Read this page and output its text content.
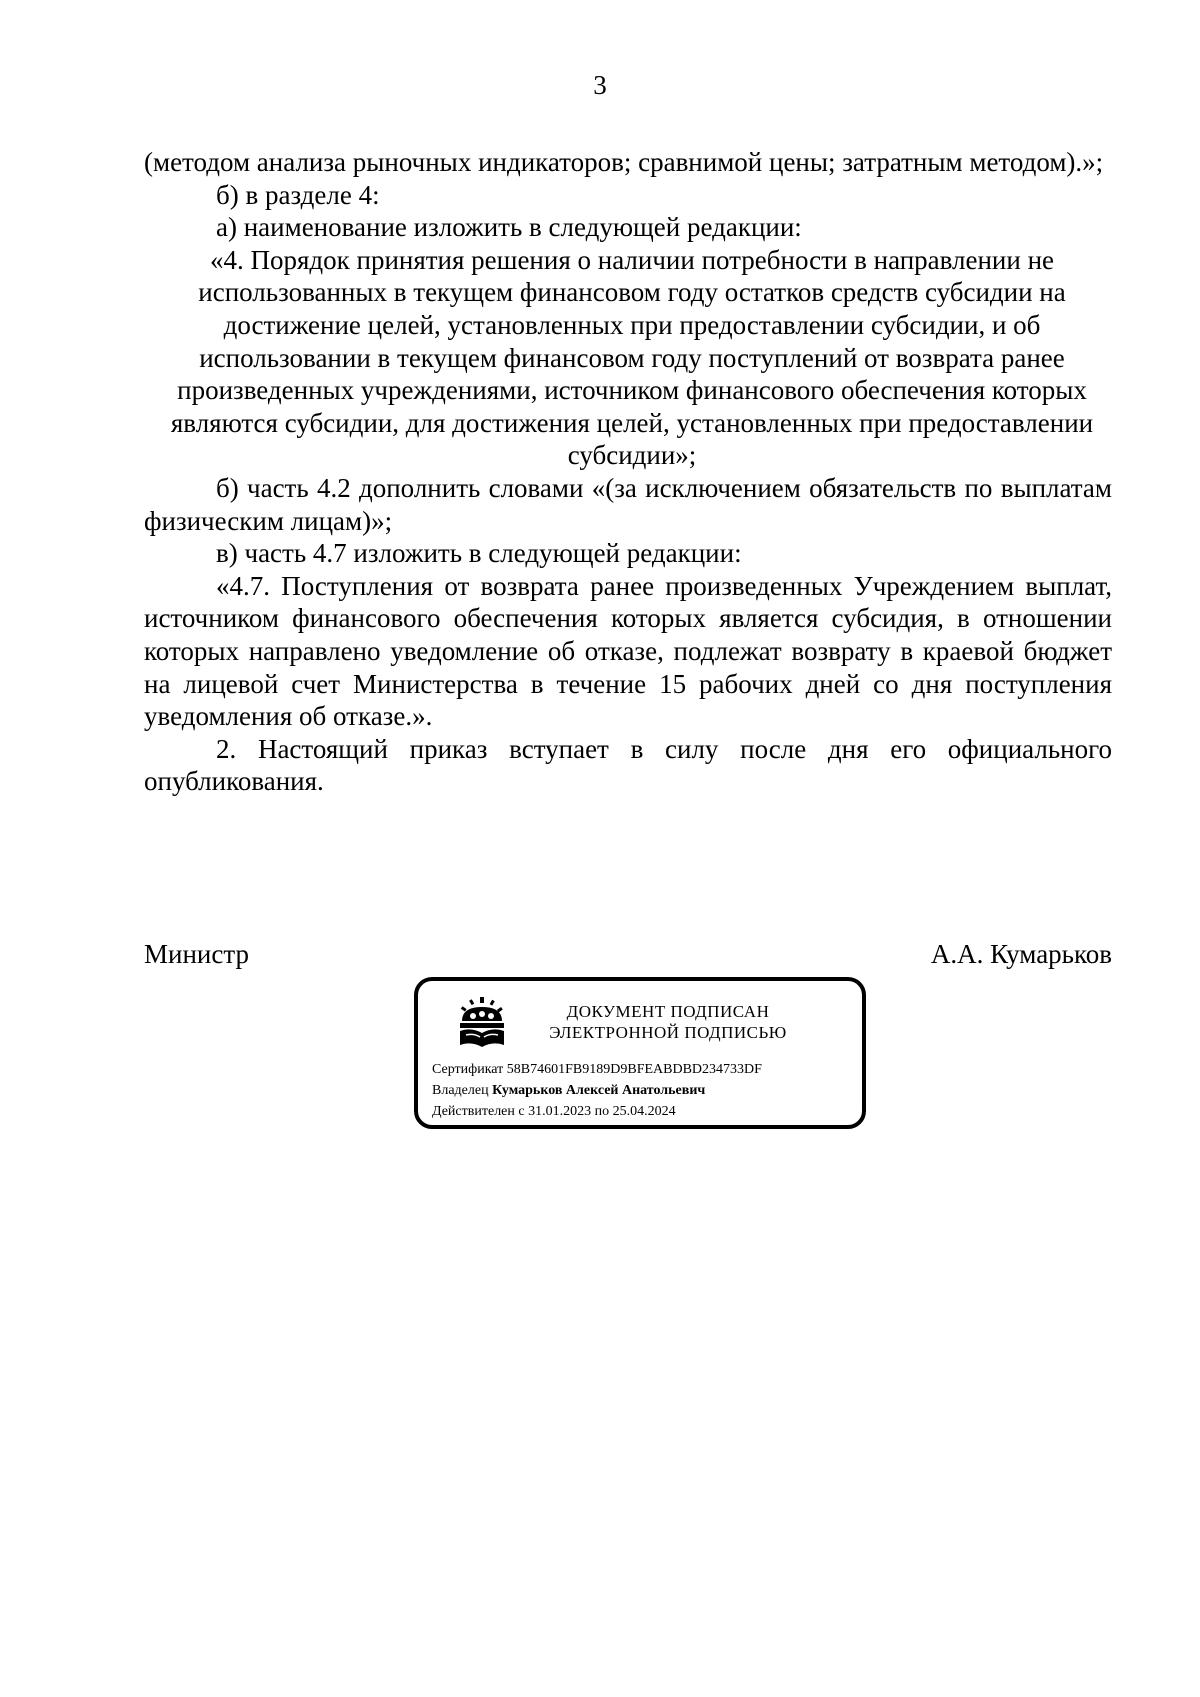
3

(методом анализа рыночных индикаторов; сравнимой цены; затратным методом).»;

б) в разделе 4:

а) наименование изложить в следующей редакции:

«4. Порядок принятия решения о наличии потребности в направлении не использованных в текущем финансовом году остатков средств субсидии на достижение целей, установленных при предоставлении субсидии, и об использовании в текущем финансовом году поступлений от возврата ранее произведенных учреждениями, источником финансового обеспечения которых являются субсидии, для достижения целей, установленных при предоставлении субсидии»;

б) часть 4.2 дополнить словами «(за исключением обязательств по выплатам физическим лицам)»;

в) часть 4.7 изложить в следующей редакции:

«4.7. Поступления от возврата ранее произведенных Учреждением выплат, источником финансового обеспечения которых является субсидия, в отношении которых направлено уведомление об отказе, подлежат возврату в краевой бюджет на лицевой счет Министерства в течение 15 рабочих дней со дня поступления уведомления об отказе.».

2. Настоящий приказ вступает в силу после дня его официального опубликования.

Министр	А.А. Кумарьков
ДОКУМЕНТ ПОДПИСАН
ЭЛЕКТРОННОЙ ПОДПИСЬЮ
Сертификат 58B74601FB9189D9BFEABDBD234733DF
Владелец Кумарьков Алексей Анатольевич
Действителен с 31.01.2023 по 25.04.2024
